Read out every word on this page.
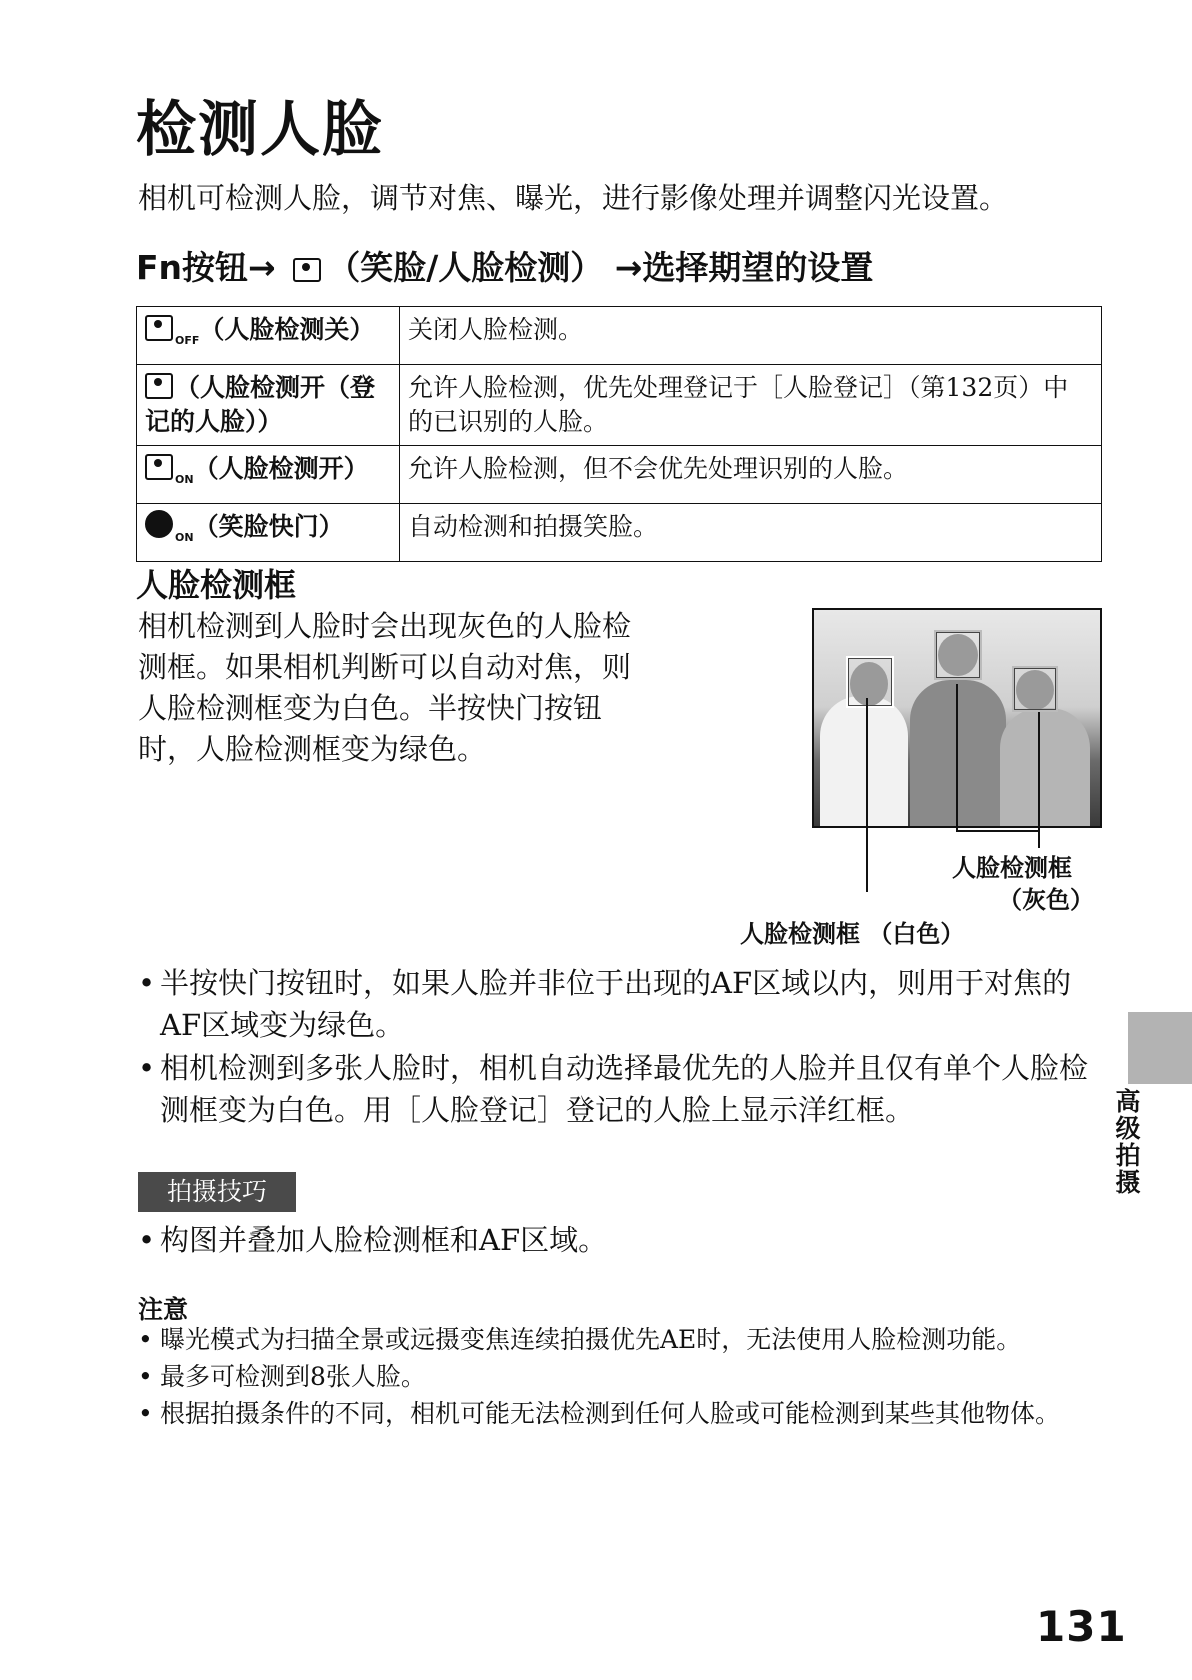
检测人脸
相机可检测人脸，调节对焦、曝光，进行影像处理并调整闪光设置。
Fn按钮→ （笑脸/人脸检测） →选择期望的设置
$_{OFF}$（人脸检测关）	关闭人脸检测。
（人脸检测开（登记的人脸））	允许人脸检测，优先处理登记于［人脸登记］（第132页）中的已识别的人脸。
$_{ON}$（人脸检测开）	允许人脸检测，但不会优先处理识别的人脸。
$_{ON}$（笑脸快门）	自动检测和拍摄笑脸。
人脸检测框
相机检测到人脸时会出现灰色的人脸检测框。如果相机判断可以自动对焦，则人脸检测框变为白色。半按快门按钮时，人脸检测框变为绿色。
人脸检测框
（灰色）
人脸检测框 （白色）
• 半按快门按钮时，如果人脸并非位于出现的AF区域以内，则用于对焦的AF区域变为绿色。
• 相机检测到多张人脸时，相机自动选择最优先的人脸并且仅有单个人脸检测框变为白色。用［人脸登记］登记的人脸上显示洋红框。
拍摄技巧
• 构图并叠加人脸检测框和AF区域。
注意
• 曝光模式为扫描全景或远摄变焦连续拍摄优先AE时，无法使用人脸检测功能。
• 最多可检测到8张人脸。
• 根据拍摄条件的不同，相机可能无法检测到任何人脸或可能检测到某些其他物体。
高级拍摄
131
